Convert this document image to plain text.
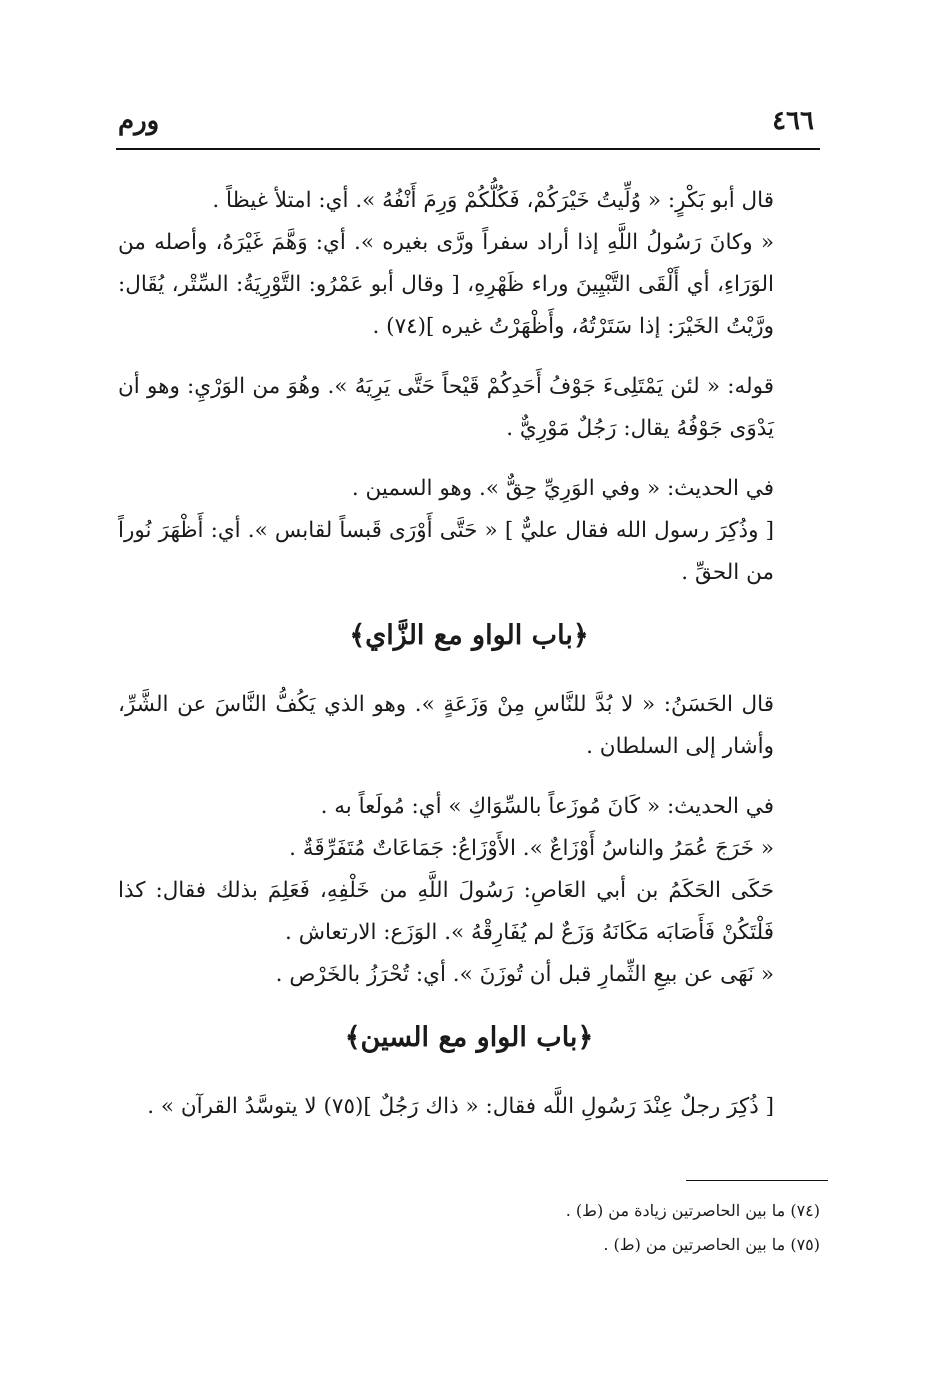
٤٦٦
ورم

قال أبو بَكْرٍ: « وُلِّيتُ خَيْرَكُمْ، فَكُلُّكُمْ وَرِمَ أَنْفُهُ ». أي: امتلأ غيظاً .

« وكانَ رَسُولُ اللَّهِ إذا أراد سفراً ورَّى بغيره ». أي: وَهَّمَ غَيْرَهُ، وأصله من الوَرَاءِ، أي أَلْقَى التَّبْيِينَ وراء ظَهْرِهِ، [ وقال أبو عَمْرُو: التَّوْرِيَةُ: السِّتْر، يُقَال: ورَّيْتُ الخَيْرَ: إذا سَتَرْتُهُ، وأَظْهَرْتُ غيره ](٧٤) .

قوله: « لئن يَمْتَلِىءَ جَوْفُ أَحَدِكُمْ قَيْحاً حَتَّى يَرِيَهُ ». وهُوَ من الوَرْيِ: وهو أن يَدْوَى جَوْفُهُ يقال: رَجُلٌ مَوْرِيٌّ .

في الحديث: « وفي الوَرِيِّ حِقٌّ ». وهو السمين .

[ وذُكِرَ رسول الله فقال عليٌّ ] « حَتَّى أَوْرَى قَبساً لقابس ». أي: أَظْهَرَ نُوراً من الحقِّ .

﴿باب الواو مع الزَّاي﴾

قال الحَسَنُ: « لا بُدَّ للنَّاسِ مِنْ وَزَعَةٍ ». وهو الذي يَكُفُّ النَّاسَ عن الشَّرِّ، وأشار إلى السلطان .

في الحديث: « كَانَ مُوزَعاً بالسِّوَاكِ » أي: مُولَعاً به .

« خَرَجَ عُمَرُ والناسُ أَوْزَاعٌ ». الأَوْزَاعُ: جَمَاعَاتٌ مُتَفَرِّقَةٌ .

حَكَى الحَكَمُ بن أبي العَاصِ: رَسُولَ اللَّهِ من خَلْفِهِ، فَعَلِمَ بذلك فقال: كذا فَلْتَكُنْ فَأَصَابَه مَكَانَهُ وَزَعٌ لم يُفَارِقْهُ ». الوَزَع: الارتعاش .

« نَهَى عن بيعِ الثِّمارِ قبل أن تُوزَنَ ». أي: تُحْرَزُ بالخَرْص .

﴿باب الواو مع السين﴾

[ ذُكِرَ رجلٌ عِنْدَ رَسُولِ اللَّه فقال: « ذاك رَجُلٌ ](٧٥) لا يتوسَّدُ القرآن » .

(٧٤) ما بين الحاصرتين زيادة من (ط) .
(٧٥) ما بين الحاصرتين من (ط) .
